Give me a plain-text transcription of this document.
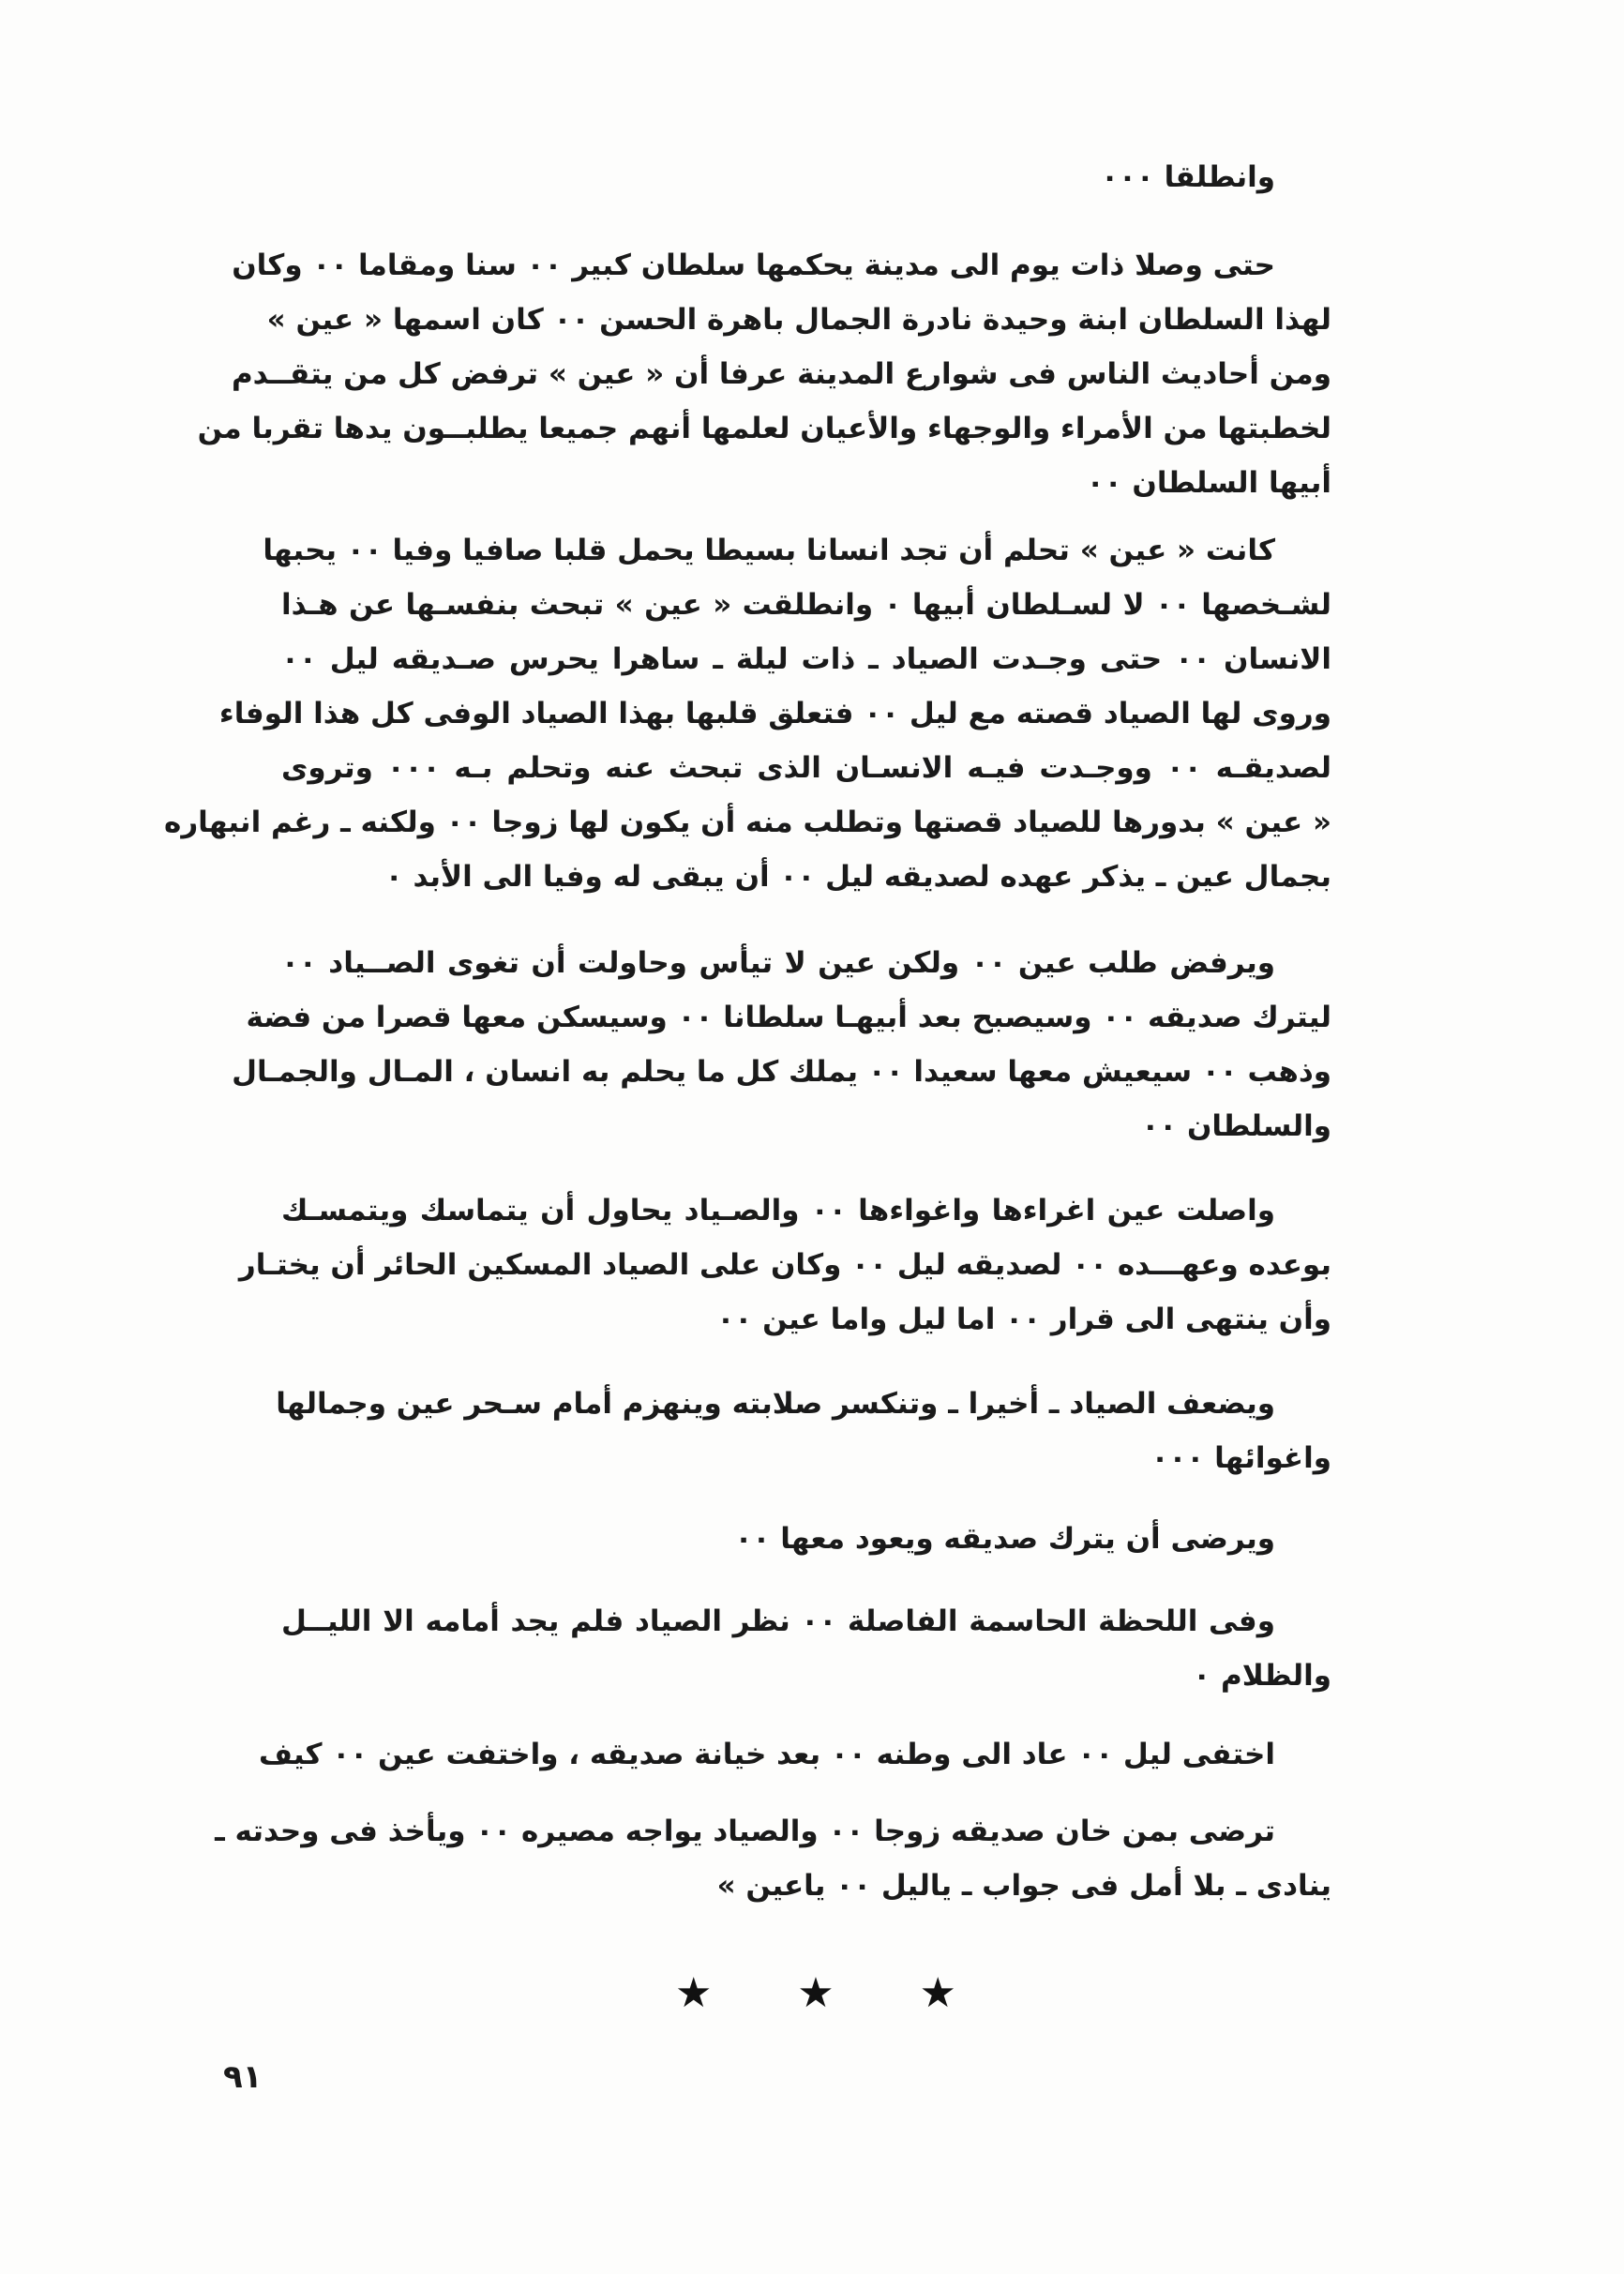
وانطلقا ٠٠٠
حتى وصلا ذات يوم الى مدينة يحكمها سلطان كبير ٠٠ سنا ومقاما ٠٠ وكان
لهذا السلطان ابنة وحيدة نادرة الجمال باهرة الحسن ٠٠ كان اسمها « عين »
ومن أحاديث الناس فى شوارع المدينة عرفا أن « عين » ترفض كل من يتقــدم
لخطبتها من الأمراء والوجهاء والأعيان لعلمها أنهم جميعا يطلبــون يدها تقربا من
أبيها السلطان ٠٠
كانت « عين » تحلم أن تجد انسانا بسيطا يحمل قلبا صافيا وفيا ٠٠ يحبها
لشـخصها ٠٠ لا لسـلطان أبيها ٠ وانطلقت « عين » تبحث بنفسـها عن هـذا
الانسان ٠٠ حتى وجـدت الصياد ـ ذات ليلة ـ ساهرا يحرس صـديقه ليل ٠٠
وروى لها الصياد قصته مع ليل ٠٠ فتعلق قلبها بهذا الصياد الوفى كل هذا الوفاء
لصديقـه ٠٠ ووجـدت فيـه الانسـان الذى تبحث عنه وتحلم بـه ٠٠٠ وتروى
« عين » بدورها للصياد قصتها وتطلب منه أن يكون لها زوجا ٠٠ ولكنه ـ رغم انبهاره
بجمال عين ـ يذكر عهده لصديقه ليل ٠٠ أن يبقى له وفيا الى الأبد ٠
ويرفض طلب عين ٠٠ ولكن عين لا تيأس وحاولت أن تغوى الصــياد ٠٠
ليترك صديقه ٠٠ وسيصبح بعد أبيهـا سلطانا ٠٠ وسيسكن معها قصرا من فضة
وذهب ٠٠ سيعيش معها سعيدا ٠٠ يملك كل ما يحلم به انسان ، المـال والجمـال
والسلطان ٠٠
واصلت عين اغراءها واغواءها ٠٠ والصـياد يحاول أن يتماسك ويتمسـك
بوعده وعهـــده ٠٠ لصديقه ليل ٠٠ وكان على الصياد المسكين الحائر أن يختـار
وأن ينتهى الى قرار ٠٠ اما ليل واما عين ٠٠
ويضعف الصياد ـ أخيرا ـ وتنكسر صلابته وينهزم أمام سـحر عين وجمالها
واغوائها ٠٠٠
ويرضى أن يترك صديقه ويعود معها ٠٠
وفى اللحظة الحاسمة الفاصلة ٠٠ نظر الصياد فلم يجد أمامه الا الليــل
والظلام ٠
اختفى ليل ٠٠ عاد الى وطنه ٠٠ بعد خيانة صديقه ، واختفت عين ٠٠ كيف
ترضى بمن خان صديقه زوجا ٠٠ والصياد يواجه مصيره ٠٠ ويأخذ فى وحدته ـ
ينادى ـ بلا أمل فى جواب ـ ياليل ٠٠ ياعين »
★ ★ ★
٩١
